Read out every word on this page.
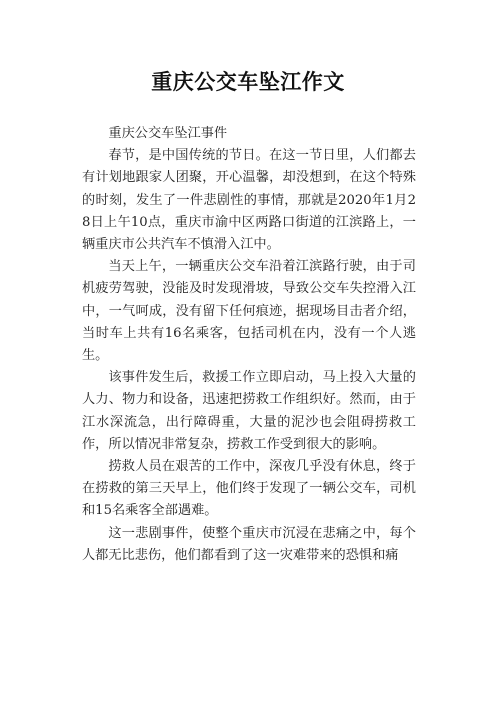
重庆公交车坠江作文

重庆公交车坠江事件

春节，是中国传统的节日。在这一节日里，人们都去有计划地跟家人团聚，开心温馨，却没想到，在这个特殊的时刻，发生了一件悲剧性的事情，那就是2020年1月28日上午10点，重庆市渝中区两路口街道的江滨路上，一辆重庆市公共汽车不慎滑入江中。

当天上午，一辆重庆公交车沿着江滨路行驶，由于司机疲劳驾驶，没能及时发现滑坡，导致公交车失控滑入江中，一气呵成，没有留下任何痕迹，据现场目击者介绍，当时车上共有16名乘客，包括司机在内，没有一个人逃生。

该事件发生后，救援工作立即启动，马上投入大量的人力、物力和设备，迅速把捞救工作组织好。然而，由于江水深流急，出行障碍重，大量的泥沙也会阻碍捞救工作，所以情况非常复杂，捞救工作受到很大的影响。

捞救人员在艰苦的工作中，深夜几乎没有休息，终于在捞救的第三天早上，他们终于发现了一辆公交车，司机和15名乘客全部遇难。

这一悲剧事件，使整个重庆市沉浸在悲痛之中，每个人都无比悲伤，他们都看到了这一灾难带来的恐惧和痛
